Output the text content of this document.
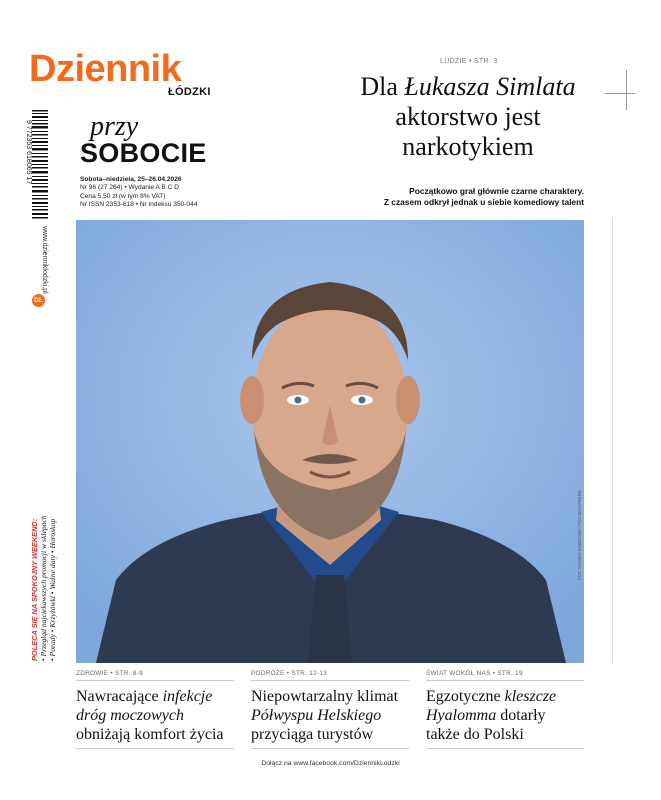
Dziennik
ŁÓDZKI
przy
SOBOCIE
Sobota–niedziela, 25–26.04.2026
Nr 96 (27 264) • Wydanie A B C D
Cena 5,50 zł (w tym 8% VAT)
Nr ISSN 2353-618 • Nr indeksu 350-044
9 772353 618065 17
www.dziennikl​odzki.pl
DŁ
POLECA SIĘ NA SPOKOJNY WEEKEND: • Przegląd najciekawszych promocji w sklepach • Porady • Krzyżówki • Ważne daty • Horoskop
LUDZIE • STR. 3
Dla Łukasza Simlata
aktorstwo jest
narkotykiem
Początkowo grał głównie czarne charaktery.
Z czasem odkrył jednak u siebie komediowy talent
FOT. SYLWIA DĄBROWA / POLSKA PRESS
ZDROWIE • STR. 8-9
Nawracające infekcje
dróg moczowych
obniżają komfort życia
PODRÓŻE • STR. 12-13
Niepowtarzalny klimat
Półwyspu Helskiego
przyciąga turystów
ŚWIAT WOKÓŁ NAS • STR. 19
Egzotyczne kleszcze
Hyalomma dotarły
także do Polski
Dołącz na www.facebook.com/DziennikLodzki
